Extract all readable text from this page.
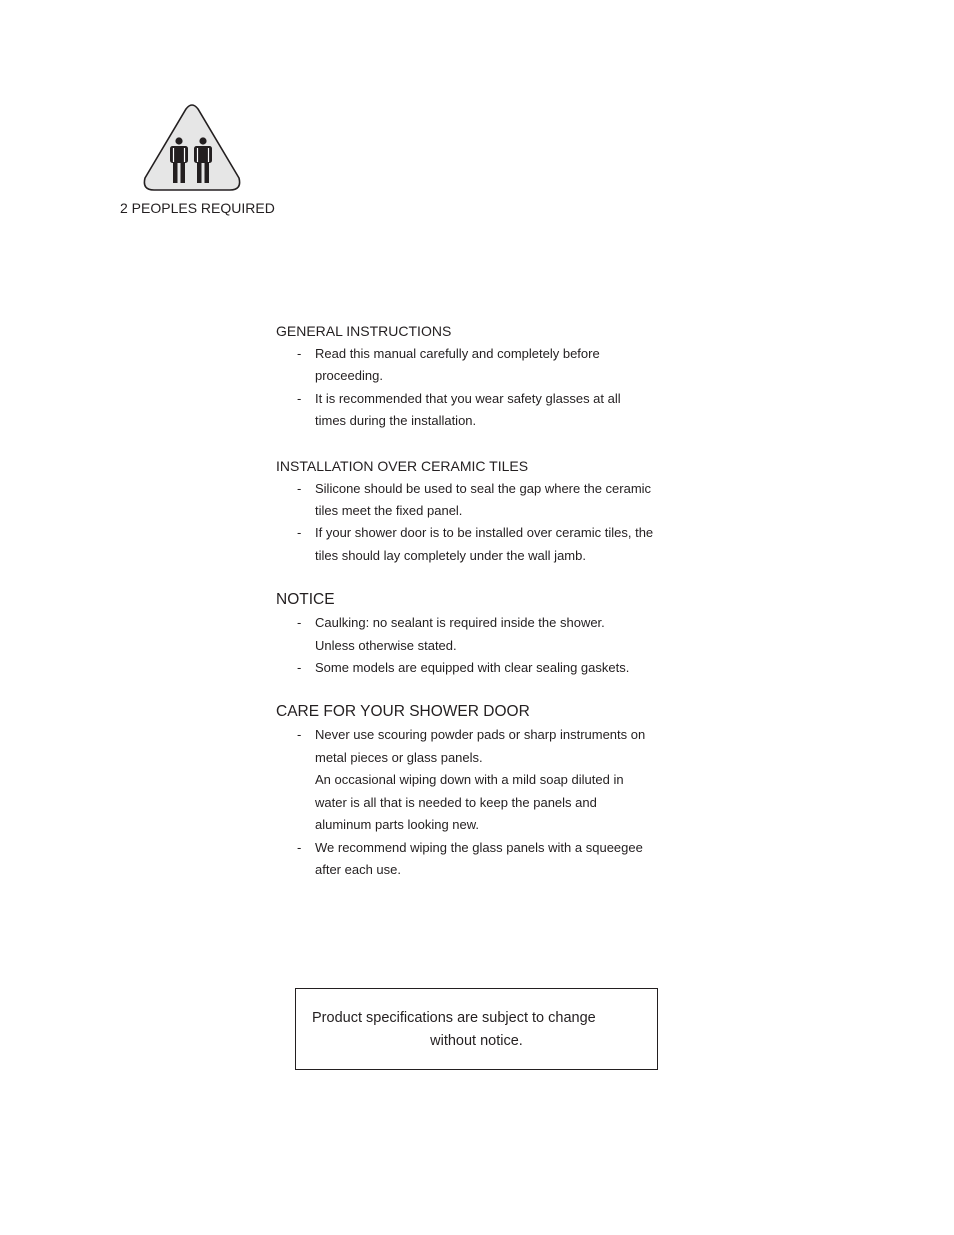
2 PEOPLES REQUIRED
GENERAL INSTRUCTIONS
- Read this manual carefully and completely before
proceeding.
- It is recommended that you wear safety glasses at all
times during the installation.
INSTALLATION OVER CERAMIC TILES
- Silicone should be used to seal the gap where the ceramic
tiles meet the fixed panel.
- If your shower door is to be installed over ceramic tiles, the
tiles should lay completely under the wall jamb.
NOTICE
- Caulking: no sealant is required inside the shower.
Unless otherwise stated.
- Some models are equipped with clear sealing gaskets.
CARE FOR YOUR SHOWER DOOR
- Never use scouring powder pads or sharp instruments on
metal pieces or glass panels.
An occasional wiping down with a mild soap diluted in
water is all that is needed to keep the panels and
aluminum parts looking new.
- We recommend wiping the glass panels with a squeegee
after each use.
Product specifications are subject to change
without notice.
